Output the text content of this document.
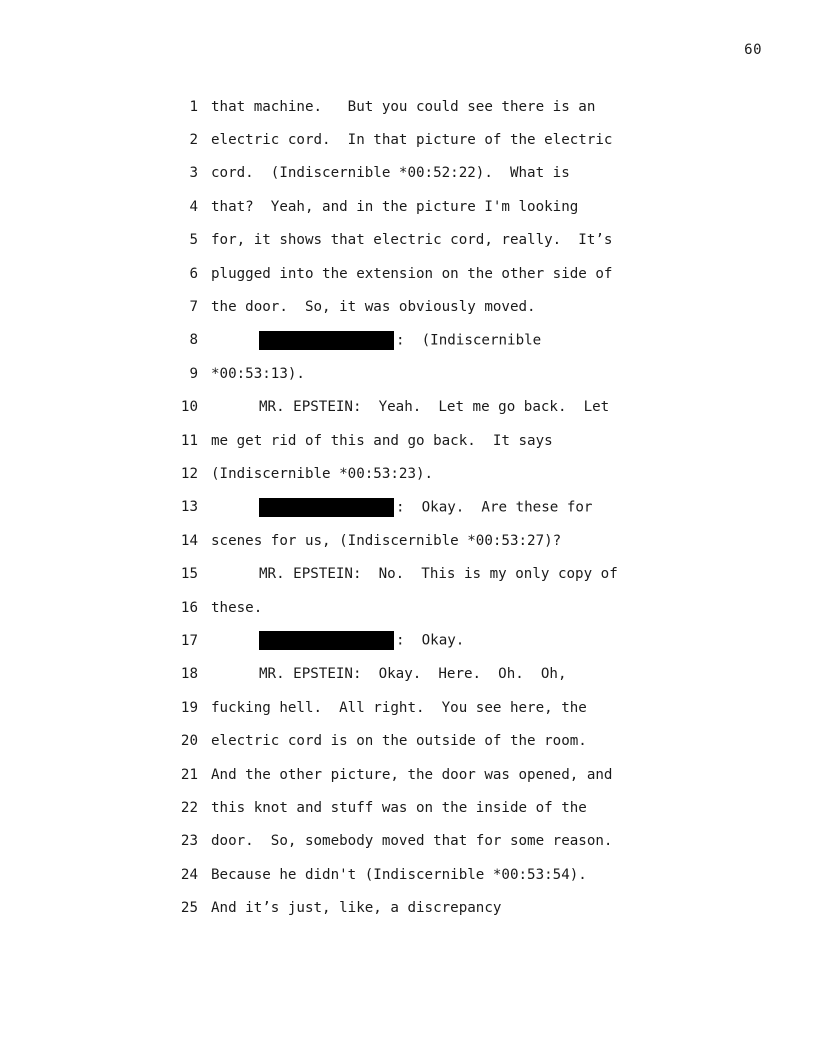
60
1 that machine.   But you could see there is an
2 electric cord.  In that picture of the electric
3 cord.  (Indiscernible *00:52:22).  What is
4 that?  Yeah, and in the picture I'm looking
5 for, it shows that electric cord, really.  It’s
6 plugged into the extension on the other side of
7 the door.  So, it was obviously moved.
8	:  (Indiscernible
9 *00:53:13).
10	MR. EPSTEIN:  Yeah.  Let me go back.  Let
11 me get rid of this and go back.  It says
12 (Indiscernible *00:53:23).
13	:  Okay.  Are these for
14 scenes for us, (Indiscernible *00:53:27)?
15	MR. EPSTEIN:  No.  This is my only copy of
16 these.
17	:  Okay.
18	MR. EPSTEIN:  Okay.  Here.  Oh.  Oh,
19 fucking hell.  All right.  You see here, the
20 electric cord is on the outside of the room.
21 And the other picture, the door was opened, and
22 this knot and stuff was on the inside of the
23 door.  So, somebody moved that for some reason.
24 Because he didn't (Indiscernible *00:53:54).
25 And it’s just, like, a discrepancy
